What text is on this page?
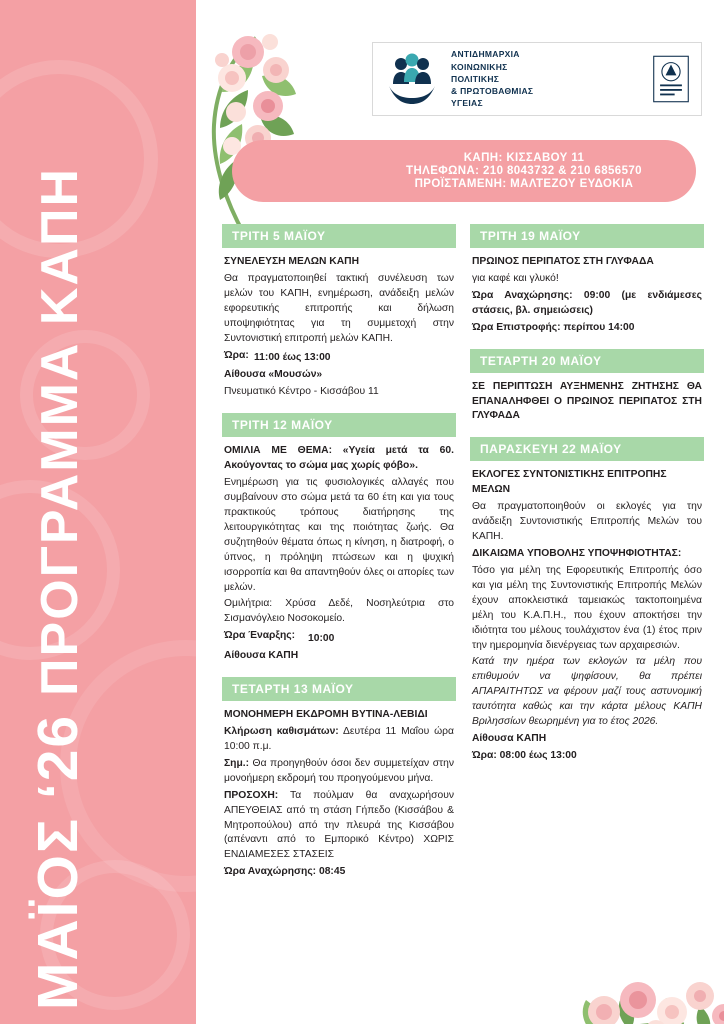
ΜΑΪΟΣ ‘26 ΠΡΟΓΡΑΜΜΑ ΚΑΠΗ
ΑΝΤΙΔΗΜΑΡΧΙΑ
ΚΟΙΝΩΝΙΚΗΣ
ΠΟΛΙΤΙΚΗΣ
& ΠΡΩΤΟΒΑΘΜΙΑΣ
ΥΓΕΙΑΣ
ΚΑΠΗ: ΚΙΣΣΑΒΟΥ 11
ΤΗΛΕΦΩΝΑ: 210 8043732 & 210 6856570
ΠΡΟΪΣΤΑΜΕΝΗ: ΜΑΛΤΕΖΟΥ ΕΥΔΟΚΙΑ
ΤΡΙΤΗ 5 ΜΑΪΟΥ

ΣΥΝΕΛΕΥΣΗ ΜΕΛΩΝ ΚΑΠΗ

Θα πραγματοποιηθεί τακτική συνέλευση των μελών του ΚΑΠΗ, ενημέρωση, ανάδειξη μελών εφορευτικής επιτροπής και δήλωση υποψηφιότητας για τη συμμετοχή στην Συντονιστική επιτροπή μελών ΚΑΠΗ.

Ώρα: 11:00 έως 13:00

Αίθουσα «Μουσών»

Πνευματικό Κέντρο - Κισσάβου 11

ΤΡΙΤΗ 12 ΜΑΪΟΥ

ΟΜΙΛΙΑ ΜΕ ΘΕΜΑ: «Υγεία μετά τα 60. Ακούγοντας το σώμα μας χωρίς φόβο».

Ενημέρωση για τις φυσιολογικές αλλαγές που συμβαίνουν στο σώμα μετά τα 60 έτη και για τους πρακτικούς τρόπους διατήρησης της λειτουργικότητας και της ποιότητας ζωής. Θα συζητηθούν θέματα όπως η κίνηση, η διατροφή, ο ύπνος, η πρόληψη πτώσεων και η ψυχική ισορροπία και θα απαντηθούν όλες οι απορίες των μελών.

Ομιλήτρια: Χρύσα Δεδέ, Νοσηλεύτρια στο Σισμανόγλειο Νοσοκομείο.

Ώρα Έναρξης:	10:00

Αίθουσα ΚΑΠΗ

ΤΕΤΑΡΤΗ 13 ΜΑΪΟΥ

ΜΟΝΟΗΜΕΡΗ ΕΚΔΡΟΜΗ ΒΥΤΙΝΑ-ΛΕΒΙΔΙ

Κλήρωση καθισμάτων: Δευτέρα 11 Μαΐου ώρα 10:00 π.μ.

Σημ.: Θα προηγηθούν όσοι δεν συμμετείχαν στην μονοήμερη εκδρομή του προηγούμενου μήνα.

ΠΡΟΣΟΧΗ: Τα πούλμαν θα αναχωρήσουν ΑΠΕΥΘΕΙΑΣ από τη στάση Γήπεδο (Κισσάβου & Μητροπούλου) από την πλευρά της Κισσάβου (απέναντι από το Εμπορικό Κέντρο) ΧΩΡΙΣ ΕΝΔΙΑΜΕΣΕΣ ΣΤΑΣΕΙΣ

Ώρα Αναχώρησης: 08:45

ΤΡΙΤΗ 19 ΜΑΪΟΥ

ΠΡΩΙΝΟΣ ΠΕΡΙΠΑΤΟΣ ΣΤΗ ΓΛΥΦΑΔΑ

για καφέ και γλυκό!

Ώρα Αναχώρησης: 09:00 (με ενδιάμεσες στάσεις, βλ. σημειώσεις)

Ώρα Επιστροφής: περίπου 14:00

ΤΕΤΑΡΤΗ 20 ΜΑΪΟΥ

ΣΕ ΠΕΡΙΠΤΩΣΗ ΑΥΞΗΜΕΝΗΣ ΖΗΤΗΣΗΣ ΘΑ ΕΠΑΝΑΛΗΦΘΕΙ Ο ΠΡΩΙΝΟΣ ΠΕΡΙΠΑΤΟΣ ΣΤΗ ΓΛΥΦΑΔΑ

ΠΑΡΑΣΚΕΥΗ 22 ΜΑΪΟΥ

ΕΚΛΟΓΕΣ ΣΥΝΤΟΝΙΣΤΙΚΗΣ ΕΠΙΤΡΟΠΗΣ ΜΕΛΩΝ

Θα πραγματοποιηθούν οι εκλογές για την ανάδειξη Συντονιστικής Επιτροπής Μελών του ΚΑΠΗ.

ΔΙΚΑΙΩΜΑ ΥΠΟΒΟΛΗΣ ΥΠΟΨΗΦΙΟΤΗΤΑΣ:

Τόσο για μέλη της Εφορευτικής Επιτροπής όσο και για μέλη της Συντονιστικής Επιτροπής Μελών έχουν αποκλειστικά ταμειακώς τακτοποιημένα μέλη του Κ.Α.Π.Η., που έχουν αποκτήσει την ιδιότητα του μέλους τουλάχιστον ένα (1) έτος πριν την ημερομηνία διενέργειας των αρχαιρεσιών.

Κατά την ημέρα των εκλογών τα μέλη που επιθυμούν να ψηφίσουν, θα πρέπει ΑΠΑΡΑΙΤΗΤΩΣ να φέρουν μαζί τους αστυνομική ταυτότητα καθώς και την κάρτα μέλους ΚΑΠΗ Βριλησσίων θεωρημένη για το έτος 2026.

Αίθουσα ΚΑΠΗ

Ώρα: 08:00 έως 13:00
